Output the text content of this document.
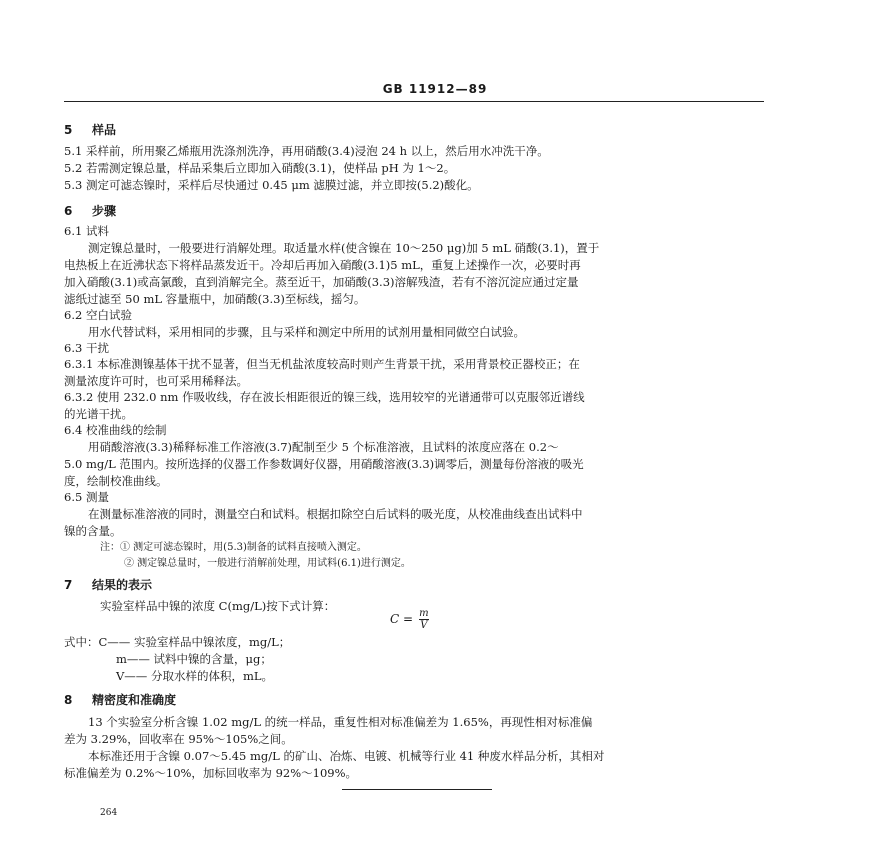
GB 11912—89
5 样品
5.1 采样前，所用聚乙烯瓶用洗涤剂洗净，再用硝酸(3.4)浸泡 24 h 以上，然后用水冲洗干净。
5.2 若需测定镍总量，样品采集后立即加入硝酸(3.1)，使样品 pH 为 1～2。
5.3 测定可滤态镍时，采样后尽快通过 0.45 μm 滤膜过滤，并立即按(5.2)酸化。
6 步骤
6.1 试料
测定镍总量时，一般要进行消解处理。取适量水样(使含镍在 10～250 μg)加 5 mL 硝酸(3.1)，置于
电热板上在近沸状态下将样品蒸发近干。冷却后再加入硝酸(3.1)5 mL，重复上述操作一次，必要时再
加入硝酸(3.1)或高氯酸，直到消解完全。蒸至近干，加硝酸(3.3)溶解残渣，若有不溶沉淀应通过定量
滤纸过滤至 50 mL 容量瓶中，加硝酸(3.3)至标线，摇匀。
6.2 空白试验
用水代替试料，采用相同的步骤，且与采样和测定中所用的试剂用量相同做空白试验。
6.3 干扰
6.3.1 本标准测镍基体干扰不显著，但当无机盐浓度较高时则产生背景干扰，采用背景校正器校正；在
测量浓度许可时，也可采用稀释法。
6.3.2 使用 232.0 nm 作吸收线，存在波长相距很近的镍三线，选用较窄的光谱通带可以克服邻近谱线
的光谱干扰。
6.4 校准曲线的绘制
用硝酸溶液(3.3)稀释标准工作溶液(3.7)配制至少 5 个标准溶液，且试料的浓度应落在 0.2～
5.0 mg/L 范围内。按所选择的仪器工作参数调好仪器，用硝酸溶液(3.3)调零后，测量每份溶液的吸光
度，绘制校准曲线。
6.5 测量
在测量标准溶液的同时，测量空白和试料。根据扣除空白后试料的吸光度，从校准曲线查出试料中
镍的含量。
注：① 测定可滤态镍时，用(5.3)制备的试料直接喷入测定。
② 测定镍总量时，一般进行消解前处理，用试料(6.1)进行测定。
7 结果的表示
实验室样品中镍的浓度 C(mg/L)按下式计算：
$C = \frac{m}{V}$
式中：C—— 实验室样品中镍浓度，mg/L；
m—— 试料中镍的含量，μg；
V—— 分取水样的体积，mL。
8 精密度和准确度
13 个实验室分析含镍 1.02 mg/L 的统一样品，重复性相对标准偏差为 1.65%，再现性相对标准偏
差为 3.29%，回收率在 95%～105%之间。
本标准还用于含镍 0.07～5.45 mg/L 的矿山、冶炼、电镀、机械等行业 41 种废水样品分析，其相对
标准偏差为 0.2%～10%，加标回收率为 92%～109%。
264
